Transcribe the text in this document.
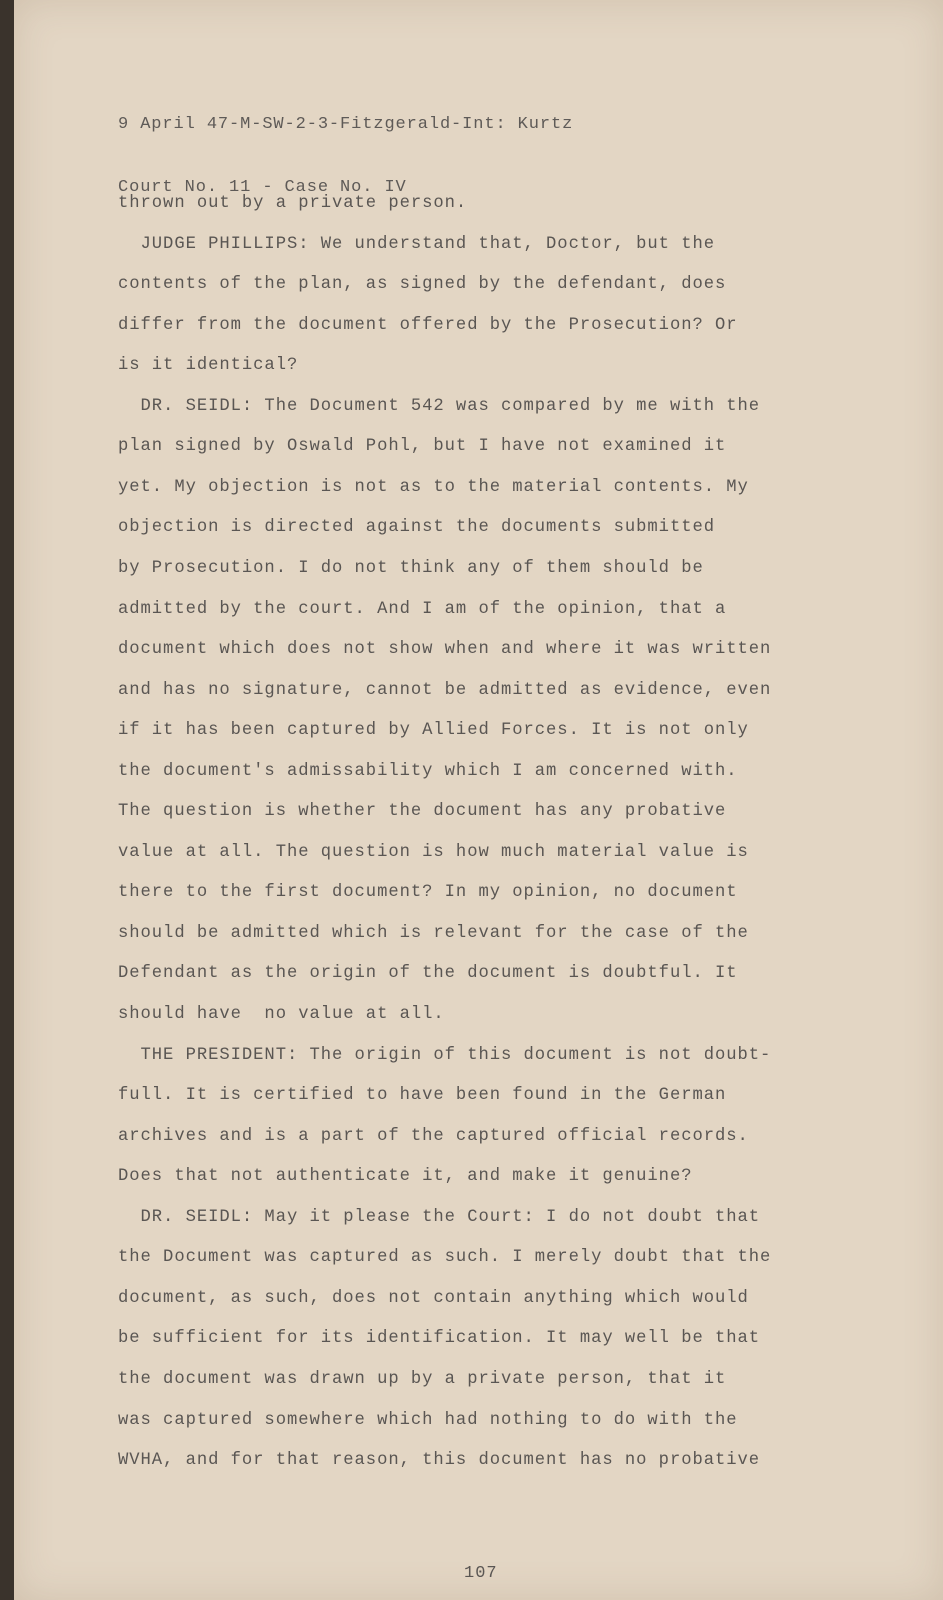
9 April 47-M-SW-2-3-Fitzgerald-Int: Kurtz

Court No. 11 - Case No. IV

thrown out by a private person.
JUDGE PHILLIPS: We understand that, Doctor, but the
contents of the plan, as signed by the defendant, does
differ from the document offered by the Prosecution? Or
is it identical?
DR. SEIDL: The Document 542 was compared by me with the
plan signed by Oswald Pohl, but I have not examined it
yet. My objection is not as to the material contents. My
objection is directed against the documents submitted
by Prosecution. I do not think any of them should be
admitted by the court. And I am of the opinion, that a
document which does not show when and where it was written
and has no signature, cannot be admitted as evidence, even
if it has been captured by Allied Forces. It is not only
the document's admissability which I am concerned with.
The question is whether the document has any probative
value at all. The question is how much material value is
there to the first document? In my opinion, no document
should be admitted which is relevant for the case of the
Defendant as the origin of the document is doubtful. It
should have  no value at all.
THE PRESIDENT: The origin of this document is not doubt-
full. It is certified to have been found in the German
archives and is a part of the captured official records.
Does that not authenticate it, and make it genuine?
DR. SEIDL: May it please the Court: I do not doubt that
the Document was captured as such. I merely doubt that the
document, as such, does not contain anything which would
be sufficient for its identification. It may well be that
the document was drawn up by a private person, that it
was captured somewhere which had nothing to do with the
WVHA, and for that reason, this document has no probative
107
